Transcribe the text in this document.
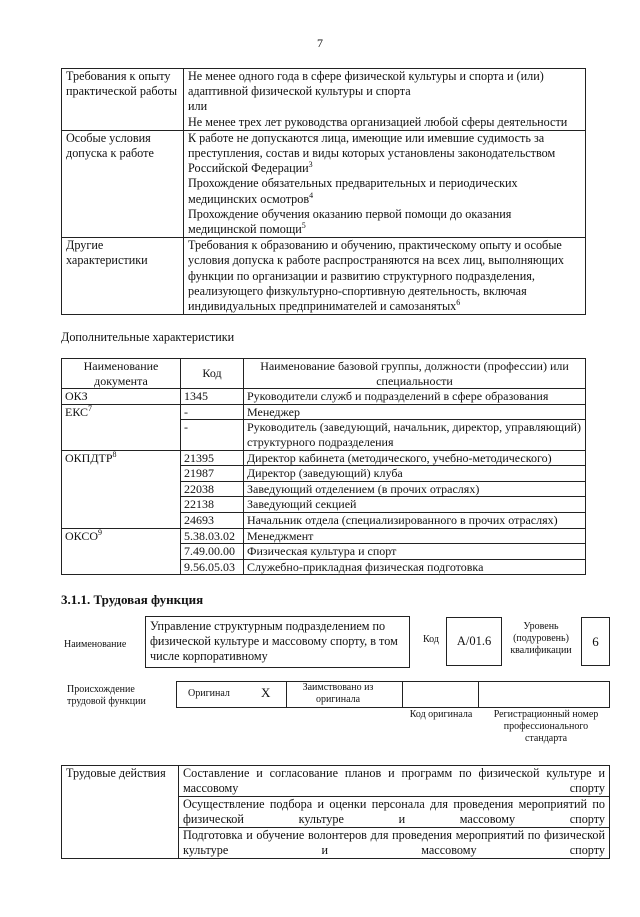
7
Требования к опыту практической работы	Не менее одного года в сфере физической культуры и спорта и (или) адаптивной физической культуры и спорта
или
Не менее трех лет руководства организацией любой сферы деятельности

Особые условия допуска к работе	К работе не допускаются лица, имеющие или имевшие судимость за преступления, состав и виды которых установлены законодательством Российской Федерации$^3$
Прохождение обязательных предварительных и периодических медицинских осмотров$^4$
Прохождение обучения оказанию первой помощи до оказания медицинской помощи$^5$

Другие характеристики	Требования к образованию и обучению, практическому опыту и особые условия допуска к работе распространяются на всех лиц, выполняющих функции по организации и развитию структурного подразделения, реализующего физкультурно-спортивную деятельность, включая индивидуальных предпринимателей и самозанятых$^6$
Дополнительные характеристики
Наименование документа	Код	Наименование базовой группы, должности (профессии) или специальности
ОКЗ	1345	Руководители служб и подразделений в сфере образования
ЕКС$^7$	-	Менеджер
	-	Руководитель (заведующий, начальник, директор, управляющий) структурного подразделения
ОКПДТР$^8$	21395	Директор кабинета (методического, учебно-методического)
	21987	Директор (заведующий) клуба
	22038	Заведующий отделением (в прочих отраслях)
	22138	Заведующий секцией
	24693	Начальник отдела (специализированного в прочих отраслях)
ОКСО$^9$	5.38.03.02	Менеджмент
	7.49.00.00	Физическая культура и спорт
	9.56.05.03	Служебно-прикладная физическая подготовка
3.1.1. Трудовая функция
Наименование
Управление структурным подразделением по физической культуре и массовому спорту, в том числе корпоративному
Код A/01.6
Уровень (подуровень) квалификации
6
Происхождение трудовой функции
Оригинал X	Заимствовано из оригинала
Код оригинала	Регистрационный номер профессионального стандарта
Трудовые действия	Составление и согласование планов и программ по физической культуре и массовому спорту
Осуществление подбора и оценки персонала для проведения мероприятий по физической культуре и массовому спорту
Подготовка и обучение волонтеров для проведения мероприятий по физической культуре и массовому спорту
